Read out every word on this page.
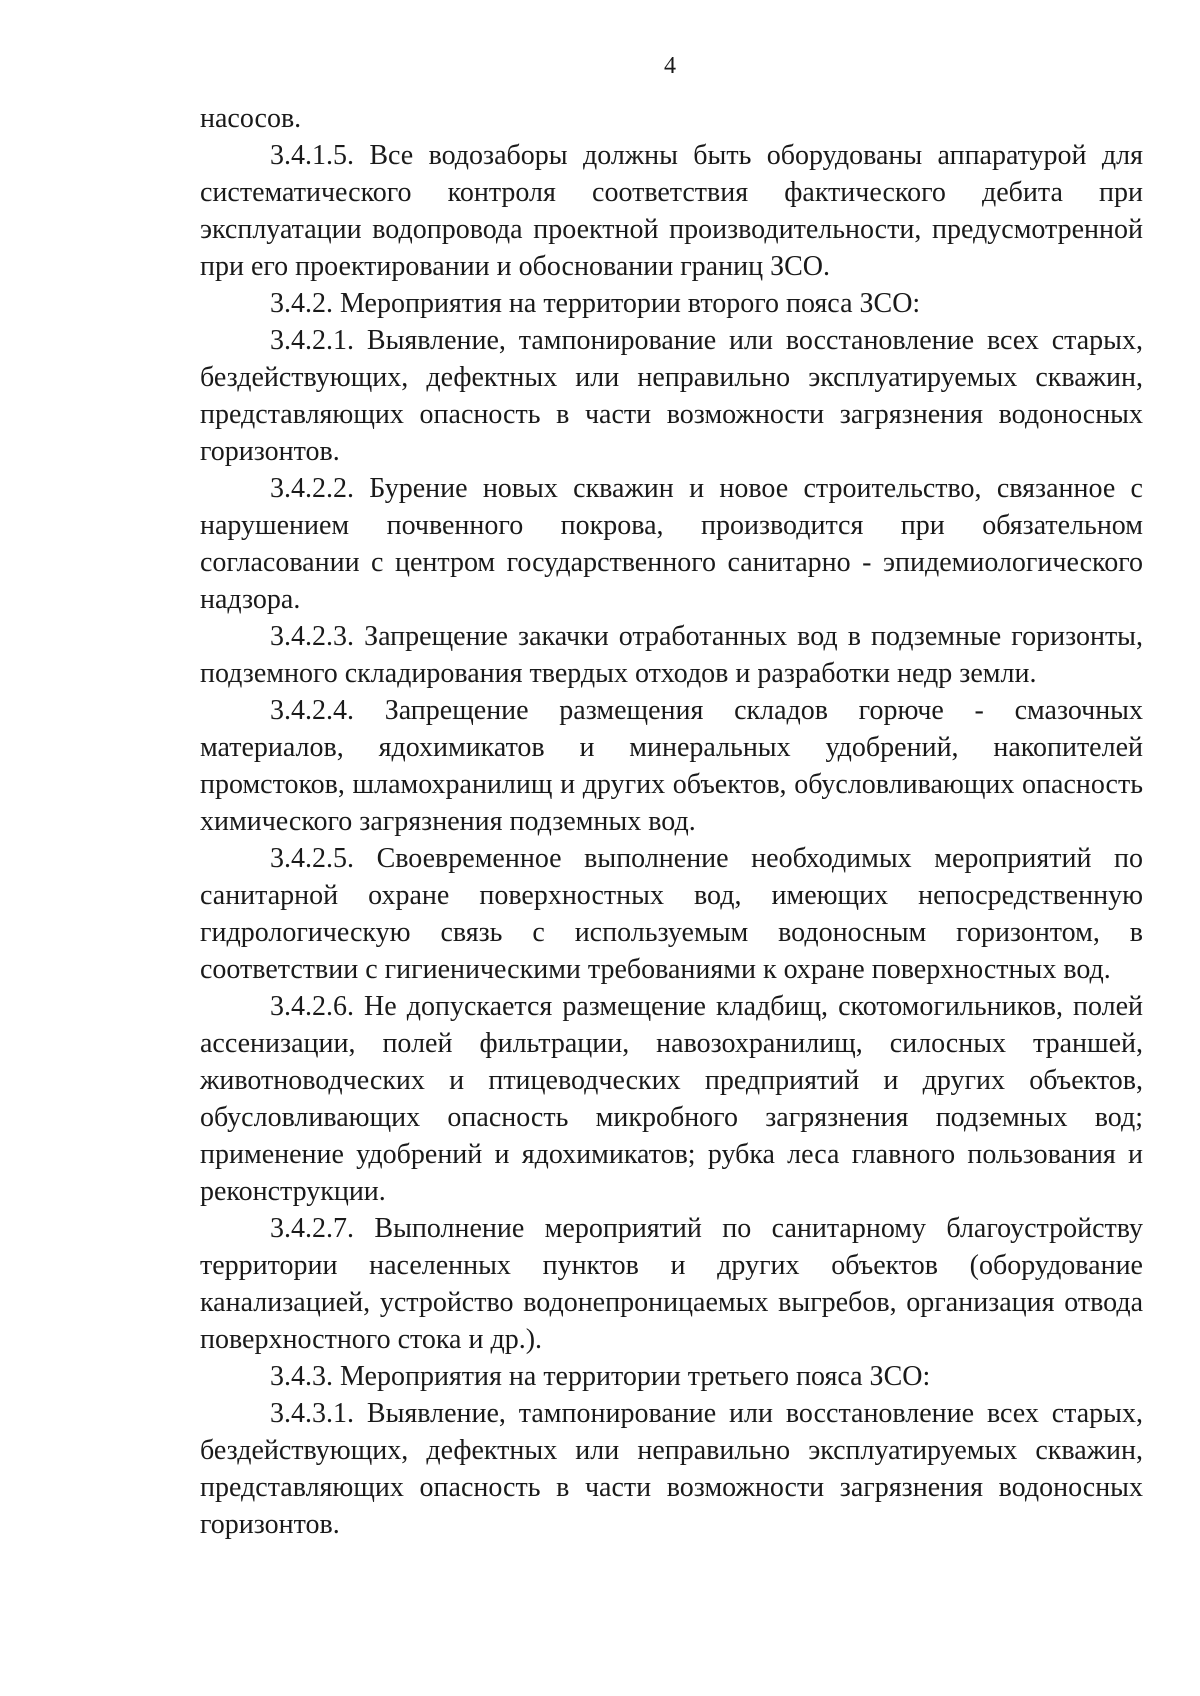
4

насосов.

3.4.1.5. Все водозаборы должны быть оборудованы аппаратурой для систематического контроля соответствия фактического дебита при эксплуатации водопровода проектной производительности, предусмотренной при его проектировании и обосновании границ ЗСО.

3.4.2. Мероприятия на территории второго пояса ЗСО:

3.4.2.1. Выявление, тампонирование или восстановление всех старых, бездействующих, дефектных или неправильно эксплуатируемых скважин, представляющих опасность в части возможности загрязнения водоносных горизонтов.

3.4.2.2. Бурение новых скважин и новое строительство, связанное с нарушением почвенного покрова, производится при обязательном согласовании с центром государственного санитарно - эпидемиологического надзора.

3.4.2.3. Запрещение закачки отработанных вод в подземные горизонты, подземного складирования твердых отходов и разработки недр земли.

3.4.2.4. Запрещение размещения складов горюче - смазочных материалов, ядохимикатов и минеральных удобрений, накопителей промстоков, шламохранилищ и других объектов, обусловливающих опасность химического загрязнения подземных вод.

3.4.2.5. Своевременное выполнение необходимых мероприятий по санитарной охране поверхностных вод, имеющих непосредственную гидрологическую связь с используемым водоносным горизонтом, в соответствии с гигиеническими требованиями к охране поверхностных вод.

3.4.2.6. Не допускается размещение кладбищ, скотомогильников, полей ассенизации, полей фильтрации, навозохранилищ, силосных траншей, животноводческих и птицеводческих предприятий и других объектов, обусловливающих опасность микробного загрязнения подземных вод; применение удобрений и ядохимикатов; рубка леса главного пользования и реконструкции.

3.4.2.7. Выполнение мероприятий по санитарному благоустройству территории населенных пунктов и других объектов (оборудование канализацией, устройство водонепроницаемых выгребов, организация отвода поверхностного стока и др.).

3.4.3. Мероприятия на территории третьего пояса ЗСО:

3.4.3.1. Выявление, тампонирование или восстановление всех старых, бездействующих, дефектных или неправильно эксплуатируемых скважин, представляющих опасность в части возможности загрязнения водоносных горизонтов.
